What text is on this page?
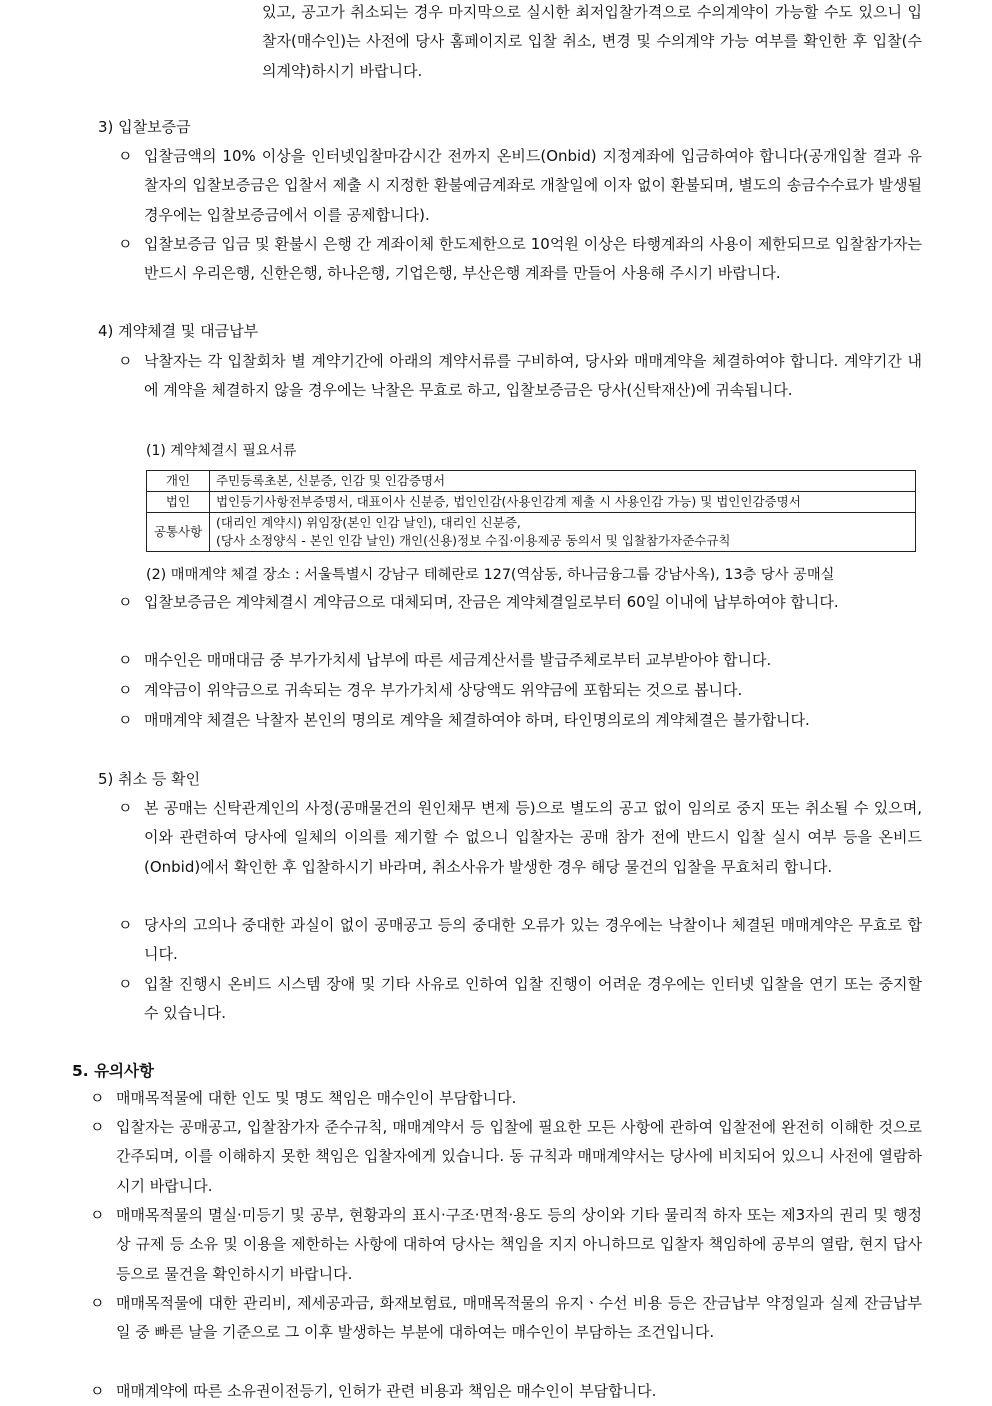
있고, 공고가 취소되는 경우 마지막으로 실시한 최저입찰가격으로 수의계약이 가능할 수도 있으니 입찰자(매수인)는 사전에 당사 홈페이지로 입찰 취소, 변경 및 수의계약 가능 여부를 확인한 후 입찰(수의계약)하시기 바랍니다.

3) 입찰보증금

ㅇ 입찰금액의 10% 이상을 인터넷입찰마감시간 전까지 온비드(Onbid) 지정계좌에 입금하여야 합니다(공개입찰 결과 유찰자의 입찰보증금은 입찰서 제출 시 지정한 환불예금계좌로 개찰일에 이자 없이 환불되며, 별도의 송금수수료가 발생될 경우에는 입찰보증금에서 이를 공제합니다).

ㅇ 입찰보증금 입금 및 환불시 은행 간 계좌이체 한도제한으로 10억원 이상은 타행계좌의 사용이 제한되므로 입찰참가자는 반드시 우리은행, 신한은행, 하나은행, 기업은행, 부산은행 계좌를 만들어 사용해 주시기 바랍니다.

4) 계약체결 및 대금납부

ㅇ 낙찰자는 각 입찰회차 별 계약기간에 아래의 계약서류를 구비하여, 당사와 매매계약을 체결하여야 합니다. 계약기간 내에 계약을 체결하지 않을 경우에는 낙찰은 무효로 하고, 입찰보증금은 당사(신탁재산)에 귀속됩니다.

(1) 계약체결시 필요서류

개인	주민등록초본, 신분증, 인감 및 인감증명서
법인	법인등기사항전부증명서, 대표이사 신분증, 법인인감(사용인감계 제출 시 사용인감 가능) 및 법인인감증명서
공통사항	(대리인 계약시) 위임장(본인 인감 날인), 대리인 신분증,
(당사 소정양식 - 본인 인감 날인) 개인(신용)정보 수집·이용제공 동의서 및 입찰참가자준수규칙

(2) 매매계약 체결 장소 : 서울특별시 강남구 테헤란로 127(역삼동, 하나금융그룹 강남사옥), 13층 당사 공매실

ㅇ 입찰보증금은 계약체결시 계약금으로 대체되며, 잔금은 계약체결일로부터 60일 이내에 납부하여야 합니다.

ㅇ 매수인은 매매대금 중 부가가치세 납부에 따른 세금계산서를 발급주체로부터 교부받아야 합니다.

ㅇ 계약금이 위약금으로 귀속되는 경우 부가가치세 상당액도 위약금에 포함되는 것으로 봅니다.

ㅇ 매매계약 체결은 낙찰자 본인의 명의로 계약을 체결하여야 하며, 타인명의로의 계약체결은 불가합니다.

5) 취소 등 확인

ㅇ 본 공매는 신탁관계인의 사정(공매물건의 원인채무 변제 등)으로 별도의 공고 없이 임의로 중지 또는 취소될 수 있으며, 이와 관련하여 당사에 일체의 이의를 제기할 수 없으니 입찰자는 공매 참가 전에 반드시 입찰 실시 여부 등을 온비드(Onbid)에서 확인한 후 입찰하시기 바라며, 취소사유가 발생한 경우 해당 물건의 입찰을 무효처리 합니다.

ㅇ 당사의 고의나 중대한 과실이 없이 공매공고 등의 중대한 오류가 있는 경우에는 낙찰이나 체결된 매매계약은 무효로 합니다.

ㅇ 입찰 진행시 온비드 시스템 장애 및 기타 사유로 인하여 입찰 진행이 어려운 경우에는 인터넷 입찰을 연기 또는 중지할 수 있습니다.

5. 유의사항

ㅇ 매매목적물에 대한 인도 및 명도 책임은 매수인이 부담합니다.

ㅇ 입찰자는 공매공고, 입찰참가자 준수규칙, 매매계약서 등 입찰에 필요한 모든 사항에 관하여 입찰전에 완전히 이해한 것으로 간주되며, 이를 이해하지 못한 책임은 입찰자에게 있습니다. 동 규칙과 매매계약서는 당사에 비치되어 있으니 사전에 열람하시기 바랍니다.

ㅇ 매매목적물의 멸실·미등기 및 공부, 현황과의 표시·구조·면적·용도 등의 상이와 기타 물리적 하자 또는 제3자의 권리 및 행정상 규제 등 소유 및 이용을 제한하는 사항에 대하여 당사는 책임을 지지 아니하므로 입찰자 책임하에 공부의 열람, 현지 답사 등으로 물건을 확인하시기 바랍니다.

ㅇ 매매목적물에 대한 관리비, 제세공과금, 화재보험료, 매매목적물의 유지ㆍ수선 비용 등은 잔금납부 약정일과 실제 잔금납부일 중 빠른 날을 기준으로 그 이후 발생하는 부분에 대하여는 매수인이 부담하는 조건입니다.

ㅇ 매매계약에 따른 소유권이전등기, 인허가 관련 비용과 책임은 매수인이 부담합니다.
